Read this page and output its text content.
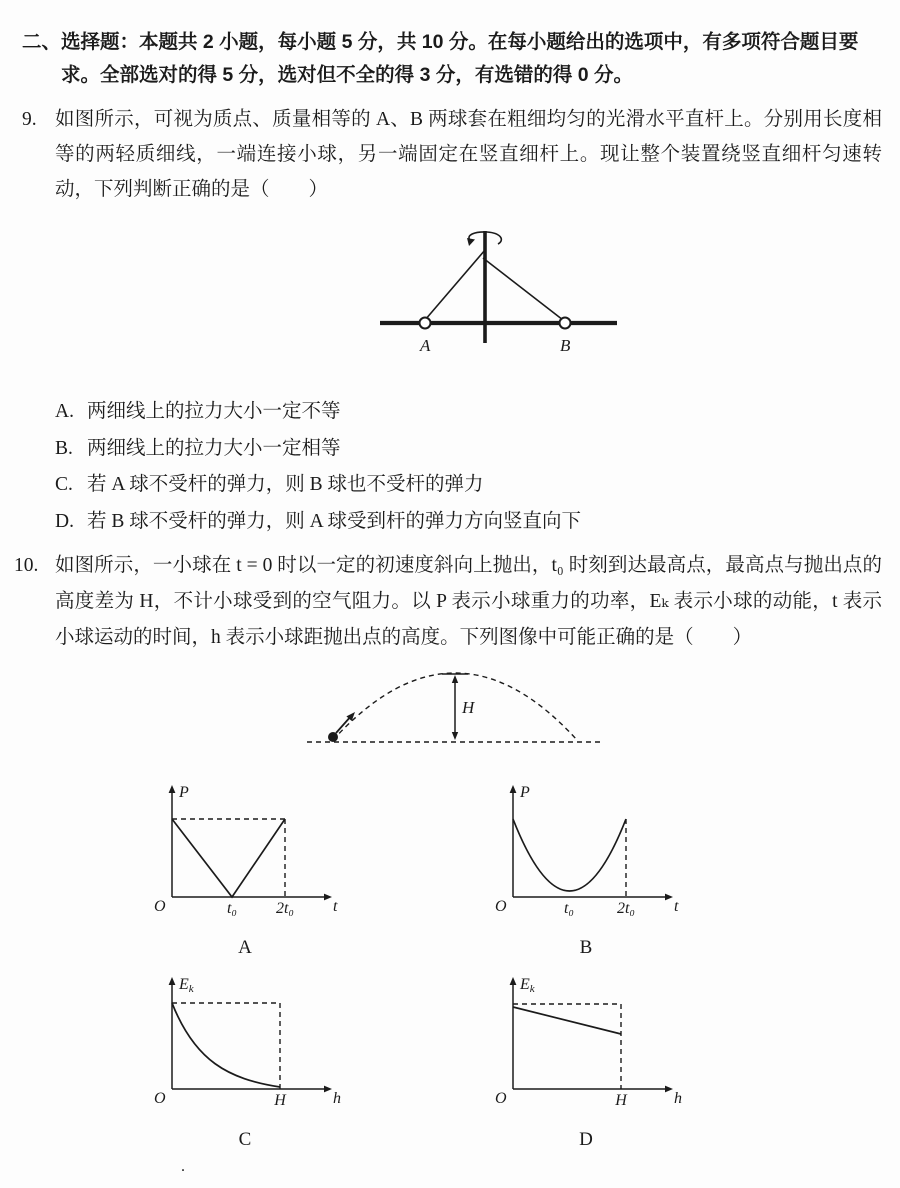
二、选择题：本题共 2 小题，每小题 5 分，共 10 分。在每小题给出的选项中，有多项符合题目要求。全部选对的得 5 分，选对但不全的得 3 分，有选错的得 0 分。

9. 如图所示，可视为质点、质量相等的 A、B 两球套在粗细均匀的光滑水平直杆上。分别用长度相等的两轻质细线，一端连接小球，另一端固定在竖直细杆上。现让整个装置绕竖直细杆匀速转动，下列判断正确的是（　　）

A	B
A. 两细线上的拉力大小一定不等
B. 两细线上的拉力大小一定相等
C. 若 A 球不受杆的弹力，则 B 球也不受杆的弹力
D. 若 B 球不受杆的弹力，则 A 球受到杆的弹力方向竖直向下
10. 如图所示，一小球在 t = 0 时以一定的初速度斜向上抛出，t₀ 时刻到达最高点，最高点与抛出点的高度差为 H，不计小球受到的空气阻力。以 P 表示小球重力的功率，Eₖ 表示小球的动能，t 表示小球运动的时间，h 表示小球距抛出点的高度。下列图像中可能正确的是（　　）

H
P
O	t₀ 2t₀ t
A
P
O	t₀	2t₀ t
B
Ek
O	H	h
C
Ek
O	H	h
D
.
